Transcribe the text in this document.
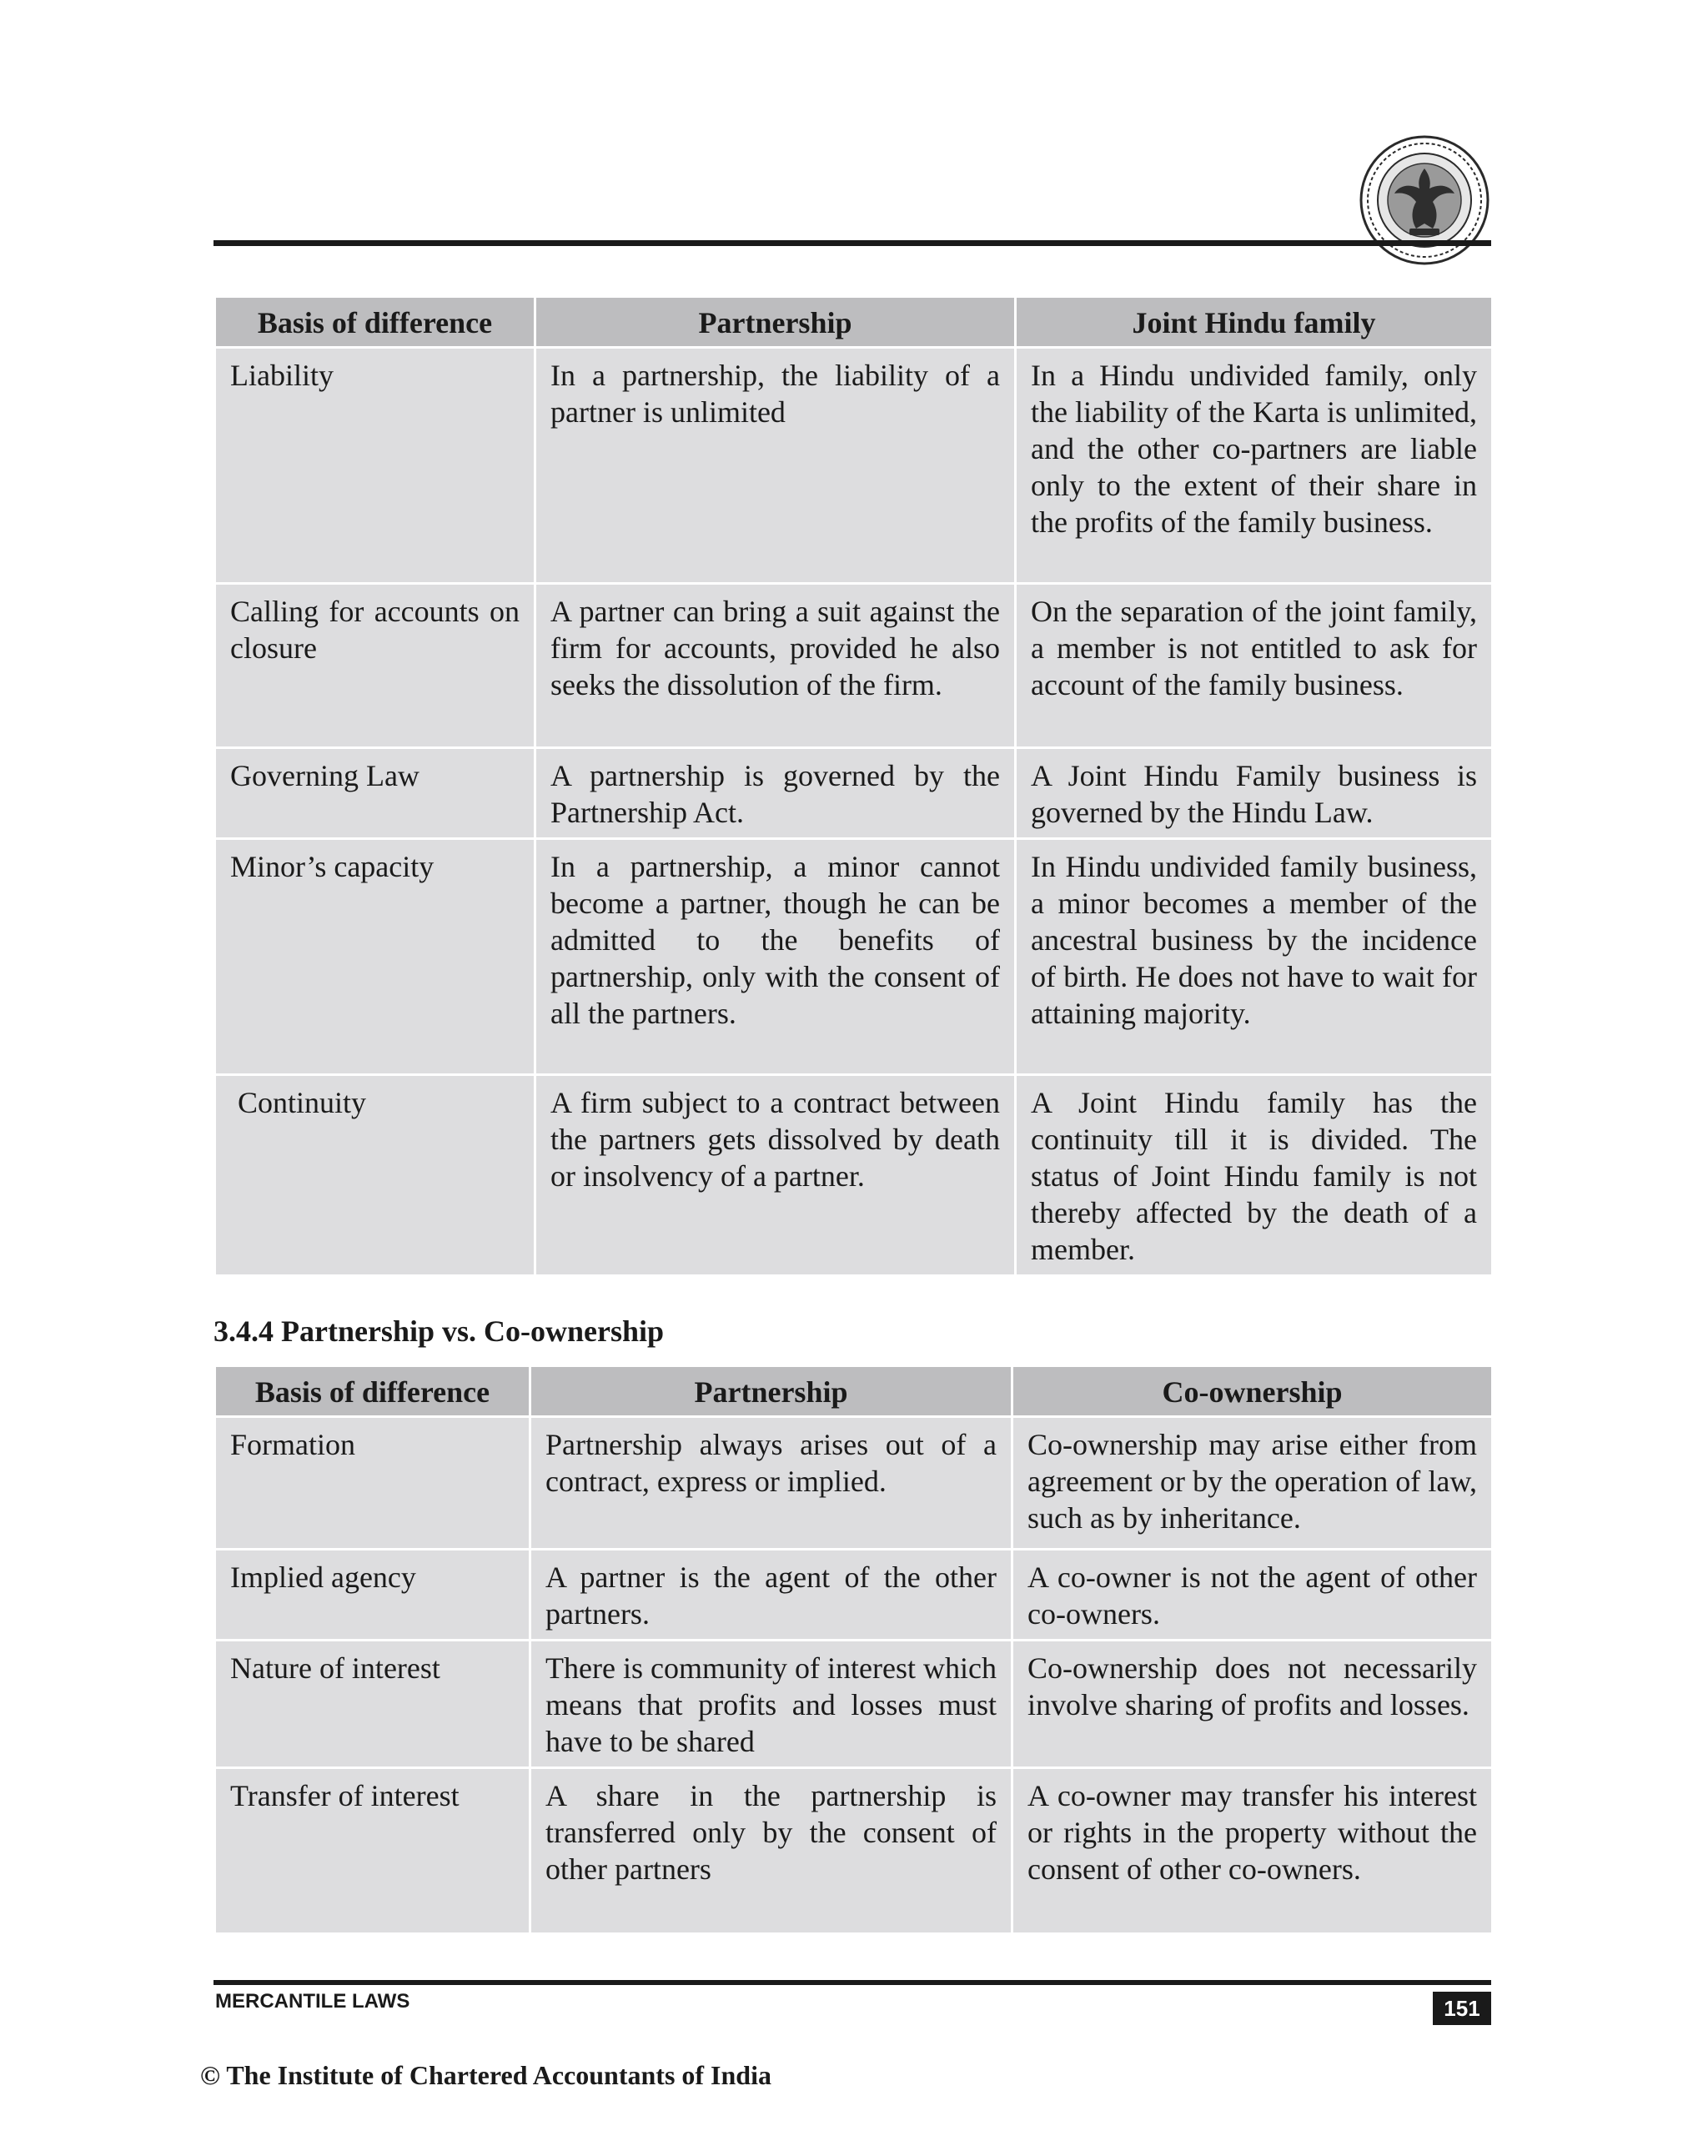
Basis of difference	Partnership	Joint Hindu family
Liability	In a partnership, the liability of a partner is unlimited	In a Hindu undivided family, only the liability of the Karta is unlimited, and the other co-partners are liable only to the extent of their share in the profits of the family business.
Calling for accounts on closure	A partner can bring a suit against the firm for accounts, provided he also seeks the dissolution of the firm.	On the separation of the joint family, a member is not entitled to ask for account of the family business.
Governing Law	A partnership is governed by the Partnership Act.	A Joint Hindu Family business is governed by the Hindu Law.
Minor’s capacity	In a partnership, a minor cannot become a partner, though he can be admitted to the benefits of partnership, only with the consent of all the partners.	In Hindu undivided family business, a minor becomes a member of the ancestral business by the incidence of birth. He does not have to wait for attaining majority.
Continuity	A firm subject to a contract between the partners gets dissolved by death or insolvency of a partner.	A Joint Hindu family has the continuity till it is divided. The status of Joint Hindu family is not thereby affected by the death of a member.
3.4.4 Partnership vs. Co-ownership
Basis of difference	Partnership	Co-ownership
Formation	Partnership always arises out of a contract, express or implied.	Co-ownership may arise either from agreement or by the operation of law, such as by inheritance.
Implied agency	A partner is the agent of the other partners.	A co-owner is not the agent of other co-owners.
Nature of interest	There is community of interest which means that profits and losses must have to be shared	Co-ownership does not necessarily involve sharing of profits and losses.
Transfer of interest	A share in the partnership is transferred only by the consent of other partners	A co-owner may transfer his interest or rights in the property without the consent of other co-owners.
MERCANTILE LAWS	151
© The Institute of Chartered Accountants of India
